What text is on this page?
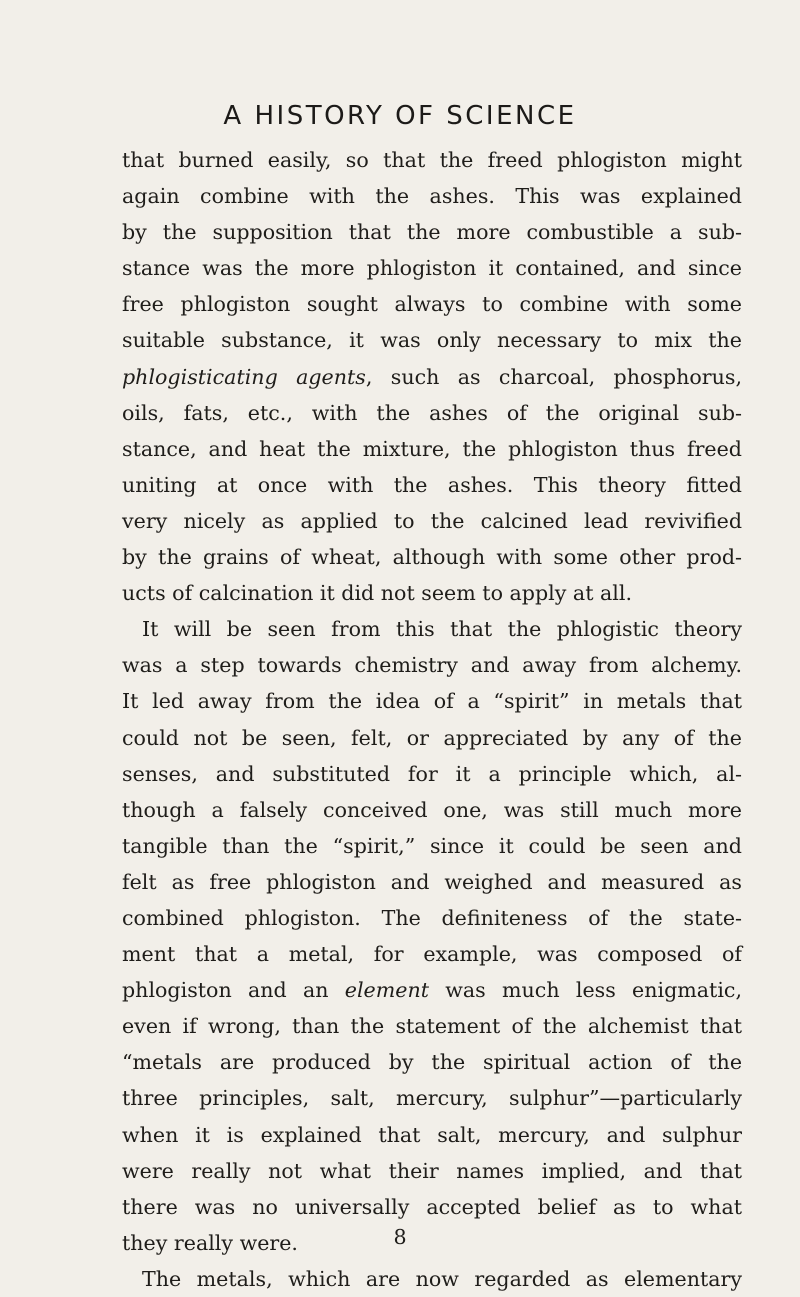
A HISTORY OF SCIENCE
that burned easily, so that the freed phlogiston might
again combine with the ashes. This was explained
by the supposition that the more combustible a sub-
stance was the more phlogiston it contained, and since
free phlogiston sought always to combine with some
suitable substance, it was only necessary to mix the
phlogisticating agents, such as charcoal, phosphorus,
oils, fats, etc., with the ashes of the original sub-
stance, and heat the mixture, the phlogiston thus freed
uniting at once with the ashes. This theory fitted
very nicely as applied to the calcined lead revivified
by the grains of wheat, although with some other prod-
ucts of calcination it did not seem to apply at all.
It will be seen from this that the phlogistic theory
was a step towards chemistry and away from alchemy.
It led away from the idea of a “spirit” in metals that
could not be seen, felt, or appreciated by any of the
senses, and substituted for it a principle which, al-
though a falsely conceived one, was still much more
tangible than the “spirit,” since it could be seen and
felt as free phlogiston and weighed and measured as
combined phlogiston. The definiteness of the state-
ment that a metal, for example, was composed of
phlogiston and an element was much less enigmatic,
even if wrong, than the statement of the alchemist that
“metals are produced by the spiritual action of the
three principles, salt, mercury, sulphur”—particularly
when it is explained that salt, mercury, and sulphur
were really not what their names implied, and that
there was no universally accepted belief as to what
they really were.
The metals, which are now regarded as elementary
8
